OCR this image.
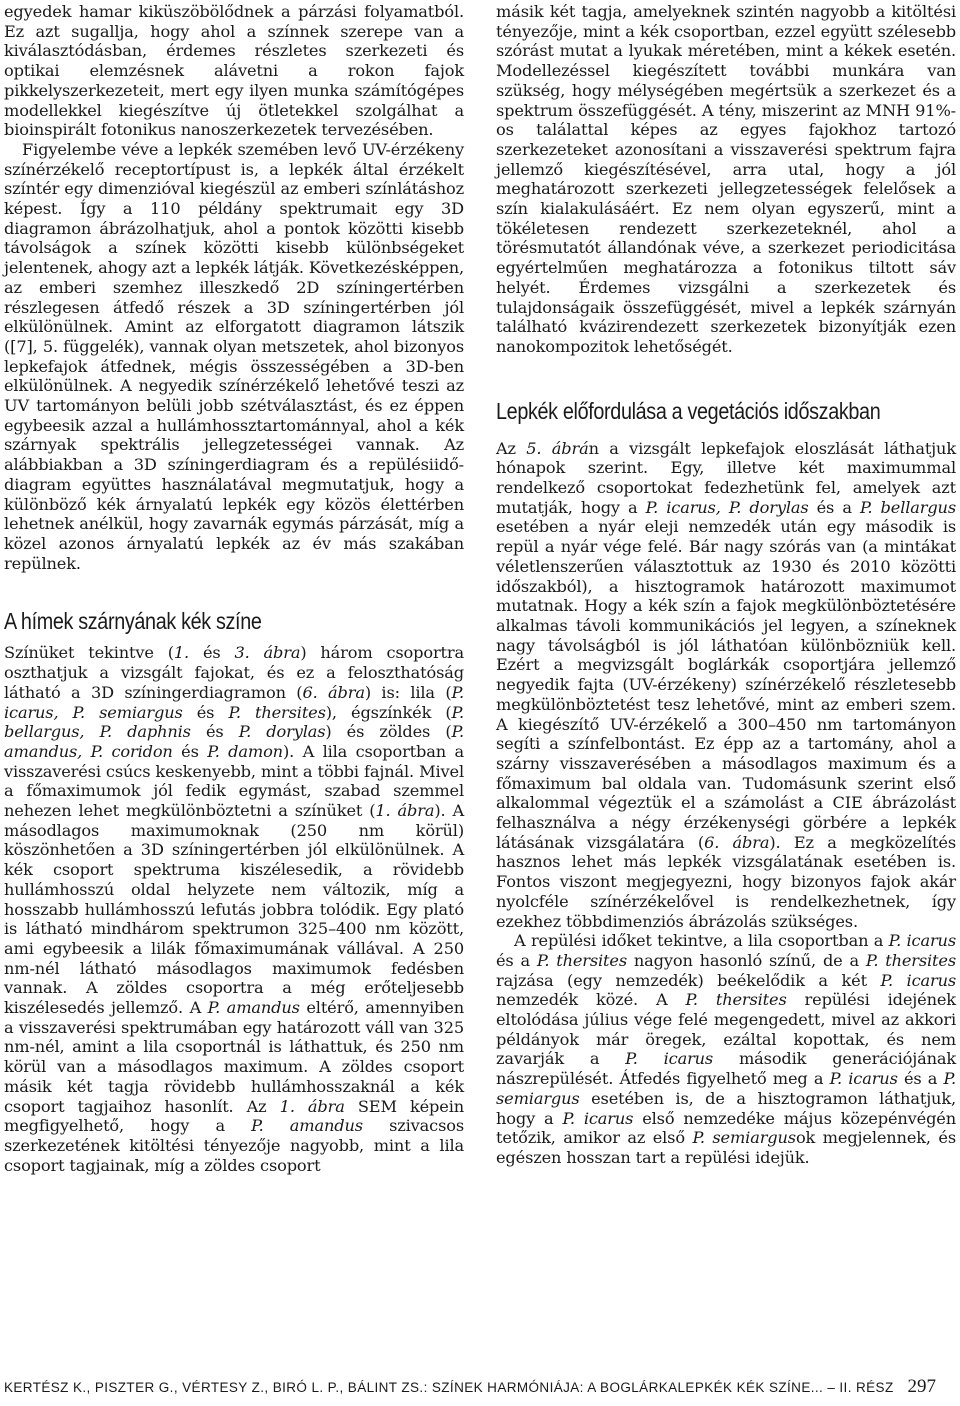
egyedek hamar kiküszöbölődnek a párzási folyamatból. Ez azt sugallja, hogy ahol a színnek szerepe van a kiválasztódásban, érdemes részletes szerkezeti és optikai elemzésnek alávetni a rokon fajok pikkelyszerkezeteit, mert egy ilyen munka számítógépes modellekkel kiegészítve új ötletekkel szolgálhat a bioinspirált fotonikus nanoszerkezetek tervezésében.

Figyelembe véve a lepkék szemében levő UV-érzékeny színérzékelő receptortípust is, a lepkék által érzékelt színtér egy dimenzióval kiegészül az emberi színlátáshoz képest. Így a 110 példány spektrumait egy 3D diagramon ábrázolhatjuk, ahol a pontok közötti kisebb távolságok a színek közötti kisebb különbségeket jelentenek, ahogy azt a lepkék látják. Következésképpen, az emberi szemhez illeszkedő 2D színingertérben részlegesen átfedő részek a 3D színingertérben jól elkülönülnek. Amint az elforgatott diagramon látszik ([7], 5. függelék), vannak olyan metszetek, ahol bizonyos lepkefajok átfednek, mégis összességében a 3D-ben elkülönülnek. A negyedik színérzékelő lehetővé teszi az UV tartományon belüli jobb szétválasztást, és ez éppen egybeesik azzal a hullámhossztartománnyal, ahol a kék szárnyak spektrális jellegzetességei vannak. Az alábbiakban a 3D színingerdiagram és a repülésiidő-diagram együttes használatával megmutatjuk, hogy a különböző kék árnyalatú lepkék egy közös élettérben lehetnek anélkül, hogy zavarnák egymás párzását, míg a közel azonos árnyalatú lepkék az év más szakában repülnek.

A hímek szárnyának kék színe

Színüket tekintve (1. és 3. ábra) három csoportra oszthatjuk a vizsgált fajokat, és ez a feloszthatóság látható a 3D színingerdiagramon (6. ábra) is: lila (P. icarus, P. semiargus és P. thersites), égszínkék (P. bellargus, P. daphnis és P. dorylas) és zöldes (P. amandus, P. coridon és P. damon). A lila csoportban a visszaverési csúcs keskenyebb, mint a többi fajnál. Mivel a főmaximumok jól fedik egymást, szabad szemmel nehezen lehet megkülönböztetni a színüket (1. ábra). A másodlagos maximumoknak (250 nm körül) köszönhetően a 3D színingertérben jól elkülönülnek. A kék csoport spektruma kiszélesedik, a rövidebb hullámhosszú oldal helyzete nem változik, míg a hosszabb hullámhosszú lefutás jobbra tolódik. Egy plató is látható mindhárom spektrumon 325–400 nm között, ami egybeesik a lilák főmaximumának vállával. A 250 nm-nél látható másodlagos maximumok fedésben vannak. A zöldes csoportra a még erőteljesebb kiszélesedés jellemző. A P. amandus eltérő, amennyiben a visszaverési spektrumában egy határozott váll van 325 nm-nél, amint a lila csoportnál is láthattuk, és 250 nm körül van a másodlagos maximum. A zöldes csoport másik két tagja rövidebb hullámhosszaknál a kék csoport tagjaihoz hasonlít. Az 1. ábra SEM képein megfigyelhető, hogy a P. amandus szivacsos szerkezetének kitöltési tényezője nagyobb, mint a lila csoport tagjainak, míg a zöldes csoport

másik két tagja, amelyeknek szintén nagyobb a kitöltési tényezője, mint a kék csoportban, ezzel együtt szélesebb szórást mutat a lyukak méretében, mint a kékek esetén. Modellezéssel kiegészített további munkára van szükség, hogy mélységében megértsük a szerkezet és a spektrum összefüggését. A tény, miszerint az MNH 91%-os találattal képes az egyes fajokhoz tartozó szerkezeteket azonosítani a visszaverési spektrum fajra jellemző kiegészítésével, arra utal, hogy a jól meghatározott szerkezeti jellegzetességek felelősek a szín kialakulásáért. Ez nem olyan egyszerű, mint a tökéletesen rendezett szerkezeteknél, ahol a törésmutatót állandónak véve, a szerkezet periodicitása egyértelműen meghatározza a fotonikus tiltott sáv helyét. Érdemes vizsgálni a szerkezetek és tulajdonságaik összefüggését, mivel a lepkék szárnyán található kvázirendezett szerkezetek bizonyítják ezen nanokompozitok lehetőségét.

Lepkék előfordulása a vegetációs időszakban

Az 5. ábrán a vizsgált lepkefajok eloszlását láthatjuk hónapok szerint. Egy, illetve két maximummal rendelkező csoportokat fedezhetünk fel, amelyek azt mutatják, hogy a P. icarus, P. dorylas és a P. bellargus esetében a nyár eleji nemzedék után egy második is repül a nyár vége felé. Bár nagy szórás van (a mintákat véletlenszerűen választottuk az 1930 és 2010 közötti időszakból), a hisztogramok határozott maximumot mutatnak. Hogy a kék szín a fajok megkülönböztetésére alkalmas távoli kommunikációs jel legyen, a színeknek nagy távolságból is jól láthatóan különbözniük kell. Ezért a megvizsgált boglárkák csoportjára jellemző negyedik fajta (UV-érzékeny) színérzékelő részletesebb megkülönböztetést tesz lehetővé, mint az emberi szem. A kiegészítő UV-érzékelő a 300–450 nm tartományon segíti a színfelbontást. Ez épp az a tartomány, ahol a szárny visszaverésében a másodlagos maximum és a főmaximum bal oldala van. Tudomásunk szerint első alkalommal végeztük el a számolást a CIE ábrázolást felhasználva a négy érzékenységi görbére a lepkék látásának vizsgálatára (6. ábra). Ez a megközelítés hasznos lehet más lepkék vizsgálatának esetében is. Fontos viszont megjegyezni, hogy bizonyos fajok akár nyolcféle színérzékelővel is rendelkezhetnek, így ezekhez többdimenziós ábrázolás szükséges.

A repülési időket tekintve, a lila csoportban a P. icarus és a P. thersites nagyon hasonló színű, de a P. thersites rajzása (egy nemzedék) beékelődik a két P. icarus nemzedék közé. A P. thersites repülési idejének eltolódása július vége felé megengedett, mivel az akkori példányok már öregek, ezáltal kopottak, és nem zavarják a P. icarus második generációjának nászrepülését. Átfedés figyelhető meg a P. icarus és a P. semiargus esetében is, de a hisztogramon láthatjuk, hogy a P. icarus első nemzedéke május közepénvégén tetőzik, amikor az első P. semiargusok megjelennek, és egészen hosszan tart a repülési idejük.

KERTÉSZ K., PISZTER G., VÉRTESY Z., BIRÓ L. P., BÁLINT ZS.: SZÍNEK HARMÓNIÁJA: A BOGLÁRKALEPKÉK KÉK SZÍNE... – II. RÉSZ 297
